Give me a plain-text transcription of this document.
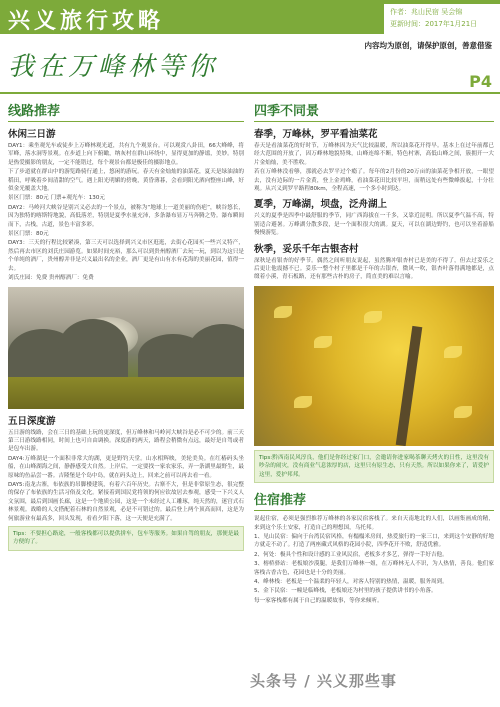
兴义旅行攻略	作者：兆山民宿 吴会锦
更新时间：2017年1月21日
我在万峰林等你
内容均为原创，请保护原创，善意借鉴
P4
线路推荐
休闲三日游

DAY1：乘坐观光车或徒步上万峰林观光道，共有九个观景台。可以观赏八卦田，66大峰峰，将军峰，落水洞等景观。在步道上向下俯瞰，纳灰村在群山环绕中，显得更加的静谧，美妙。特别是热爱摄影的朋友，一定不能错过，每个观景台都是极佳的摄影地点。

下了步道就在群山中的游览路骑行通上，悠闲的游玩。春天有金灿灿的油菜花，夏天是绿油油的稻田，呼吸着乡间清甜的空气。遇上阳光明媚的傍晚，黄昏薄暮，会看到阳光洒向整座山峰，好似金光覆盖大地。

景区门票：80元 门票+观光车：130元

DAY2：马岭河大峡谷是别兴义必去的一个景点，被称为“地球上一道美丽的伤疤”，峡谷悠长，因为独特的喀斯特地貌，高低落差，特别是夏季水量充沛，多条瀑布显万马奔腾之势。瀑布瞬间而下，古栈，古道，景色丰富多彩。

景区门票：80元

DAY3：三天的行程比较紧凑，第三天可以选择到兴义市区逛逛，去街心花园买一些兴义特产，然后再去市区的刘氏庄园游览。如果时间充裕，那么可以到贵州醇酒厂去玩一玩，到以为这只是个单纯的酒厂，贵州醇并非是兴义最出名的企业，酒厂更是有山有水有花海的美丽花园，值得一去。

刘氏庄园：免费 贵州醇酒厂：免费

五日深度游

五日游的线路，会在三日的基础上玩的更深度，但万峰林和马岭河大峡谷是必不可少的。前三天第三日游线路相同，时间上也可自由调换。深度游的两天，路程会稍微有点远，最好是自驾或者是包车出游。

DAY4:万峰湖是一个面积非常大的湖，更是野钓天堂。山水相辉映，美轮美奂。在红椿码头坐船，在山峰湖海之间，静静感受大自然。上岸后，一定要找一家农家乐，弄一条湖里最野生，最原味的鱼品尝一番。吉隆堡是个岛中岛，就在码头边上，回来之前可以再去看一看。

DAY5:南龙古寨，布依族的吊脚楼建筑，有着六百年历史。古寨不大，但是非常原生态，很完整的保存了布依族的生活习俗及文化。紧接着到国民党将领的何应钦故居去参观，感受一下兴义人文氛围，最后到国画长廊，这是一个地质公园，这是一个未经过人工雕琢，纯天然的，迷宫式石林景观。战略的人文搭配着石林的自然景观，必是不可错过的。最后登上两个顶高而回，这是为何旅游业有最高多，回头发现，看看夕阳下落，这一天便是充满了。

Tips：不要担心路途，一般客栈都可以提供拼车，包车等服务。如果自驾的朋友，那便是最方便的了。

四季不同景
春季，万峰林，罗平看油菜花

春天是看油菜花的好时节，万峰林因为天气比较温暖，所以油菜花开得早。基本上在过年前都已经大范围的开放了，因万峰林地貌特殊，山峰连绵不断，特色村寨，高低山峰之间，簇拥开一大片金灿灿，美不胜收。

若在万峰林没看够，那就必去罗平过个瘾了。每年的2月份的20万亩的油菜花争相开放，一眼望去，没有边际的一片金黄，登上金鸡峰，看油菜花田比较平坦，而稍远处有些微峰拔起，十分壮观。从兴义到罗平路程80km，全程高速，一个多小时到达。

夏季，万峰湖，坝盘，泛舟湖上

兴义的夏季是四季中最舒服的季节，同广西海拔在一千多，又靠近昆明。所以夏季气温不高，特别适合避暑。万峰湖分散多段，是一个面积很大的湖。夏天，可以在湖边野钓，也可以坐着游船慢慢游览。

秋季，妥乐千年古银杏村

深秋是看银杏的好季节。偶然之间听朋友说起，虽然腾冲银杏村已是美的不得了，但去过妥乐之后更让他震撼不已。妥乐一整个村子里都是千年的古银杏，微风一吹，银杏叶落得满地都是，点缀着小溪，青石板路，还有那些古朴的房子，简直美的难以言喻。

Tips:黔西南民风淳良，他们是你经过家门口，会邀请你进家喝茶聊天烤火的日性，这里没有吵杂的闹灾，没有商业气息浓厚的店，这里只有原生态，只有天然。所以如果你来了，请爱护这里，爱护邦邦。

住宿推荐

说起住宿，必须是强烈推荐万峰林的各家民宿客栈了。来自天南地北的人们，以画集画成的精，来到这个乐土安家，打造自己的理想国，乌托邦。

1、见山民宿：偏向于台湾民宿风格，有榻榻米房间，热爱旅行的一家三口，来到这个安静的好地方就走不动了。打造了两座藏式风格的花园小院，四季花开不败，舒适优雅。

2、何处：极具个性和设计感的工业风民宿，老板多才多艺，弹得一手好吉他。

3、榕桥驿站：老板娘沙漠腿，是我们万峰林一姐，在万峰林无人不识，为人热情，善良。他们家客栈古香古色，花园也是十分的美丽。

4、峰林栈：老板是一个温柔的年轻人，对客人特别的热情，温暖，服务周到。

5、金下民宿：一幢是临峰栈，老板娘还为村里的孩子提供讲书的小角落。

每一家客栈都有属于自己的温暖故事，等你来倾听。

头条号 / 兴义那些事
